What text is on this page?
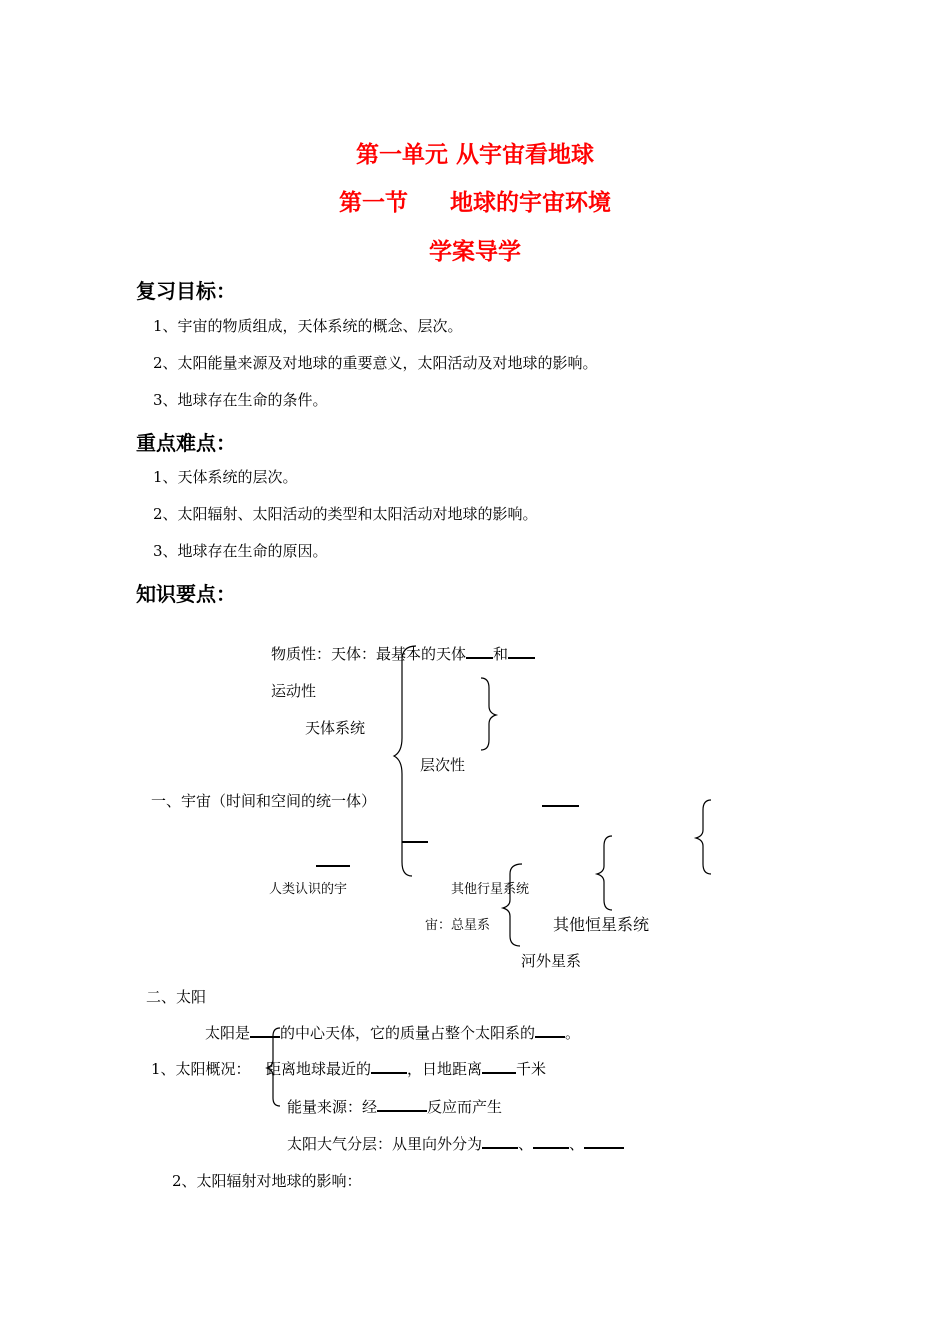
第一单元 从宇宙看地球
第一节 地球的宇宙环境
学案导学
复习目标：
1、宇宙的物质组成，天体系统的概念、层次。
2、太阳能量来源及对地球的重要意义，太阳活动及对地球的影响。
3、地球存在生命的条件。
重点难点：
1、天体系统的层次。
2、太阳辐射、太阳活动的类型和太阳活动对地球的影响。
3、地球存在生命的原因。
知识要点：
物质性：天体：最基本的天体 和
运动性
天体系统
层次性
一、宇宙（时间和空间的统一体）
人类认识的宇	其他行星系统
宙：总星系	其他恒星系统
河外星系
二、太阳
太阳是 的中心天体，它的质量占整个太阳系的 。
1、太阳概况： 距离地球最近的 ，日地距离 千米
能量来源：经	反应而产生
太阳大气分层：从里向外分为 、 、
2、太阳辐射对地球的影响：
